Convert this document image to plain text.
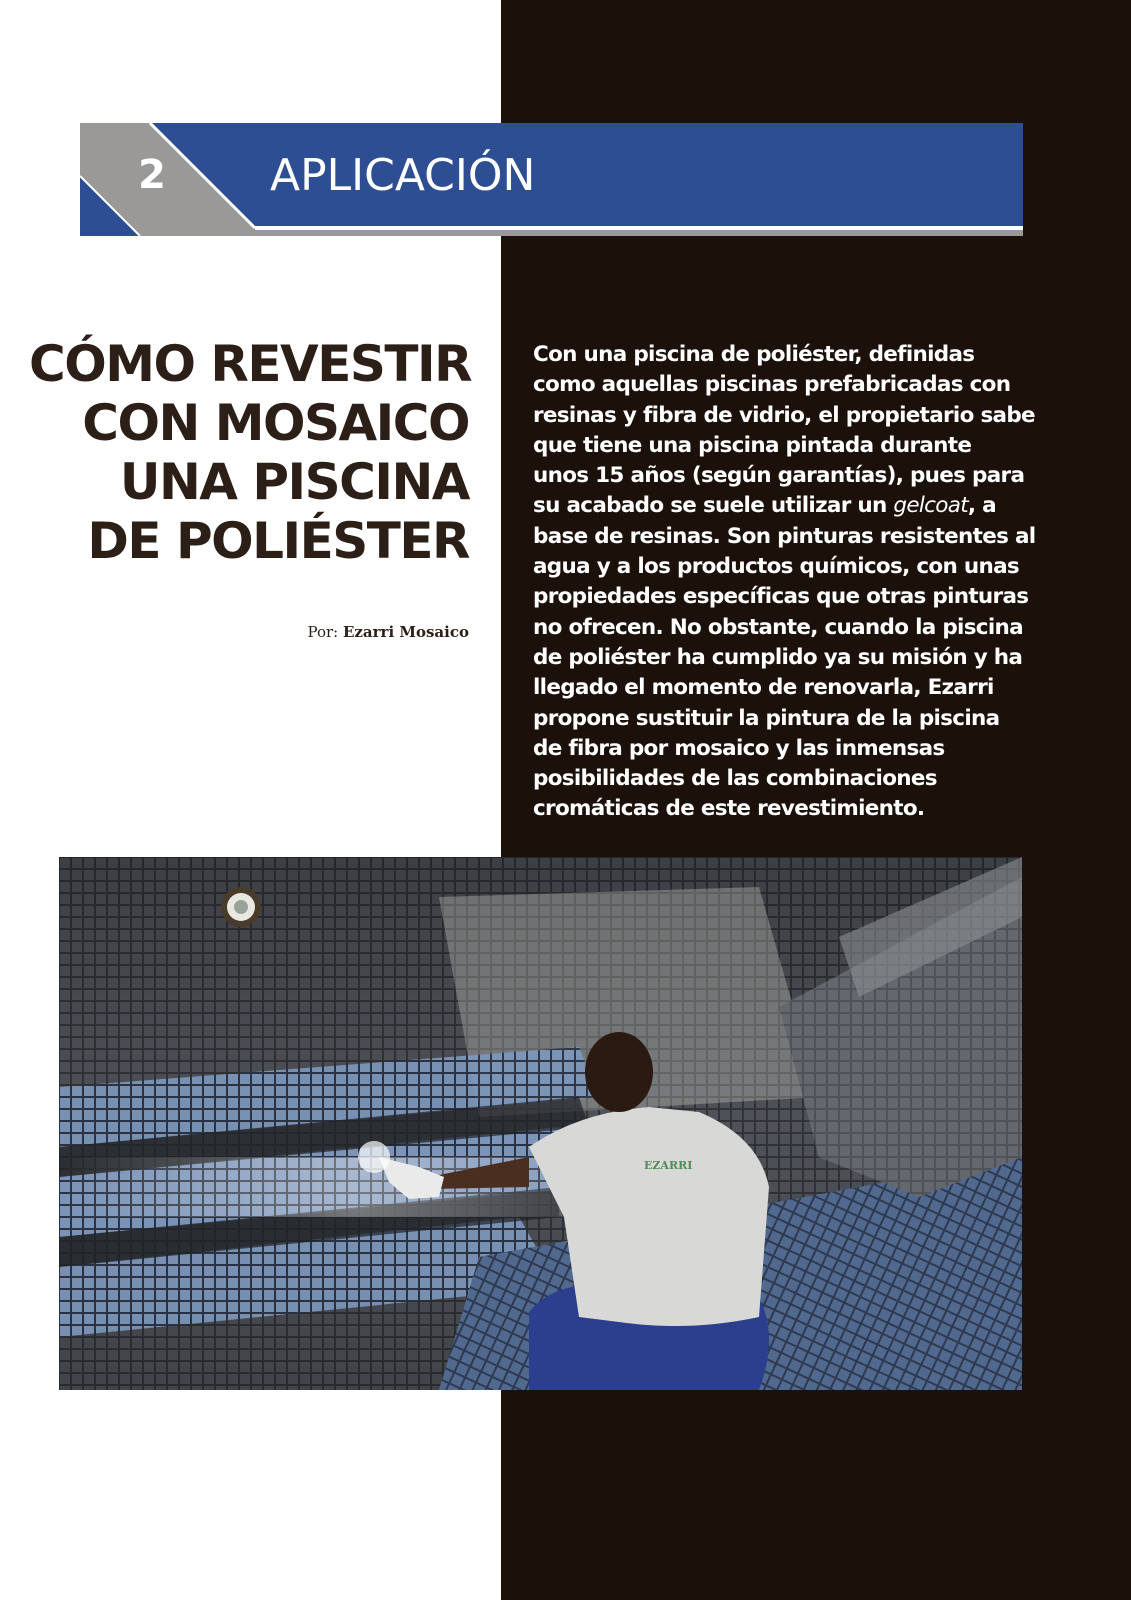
2 APLICACIÓN
CÓMO REVESTIR
CON MOSAICO
UNA PISCINA
DE POLIÉSTER
Por: Ezarri Mosaico
Con una piscina de poliéster, definidas
como aquellas piscinas prefabricadas con
resinas y fibra de vidrio, el propietario sabe
que tiene una piscina pintada durante
unos 15 años (según garantías), pues para
su acabado se suele utilizar un gelcoat, a
base de resinas. Son pinturas resistentes al
agua y a los productos químicos, con unas
propiedades específicas que otras pinturas
no ofrecen. No obstante, cuando la piscina
de poliéster ha cumplido ya su misión y ha
llegado el momento de renovarla, Ezarri
propone sustituir la pintura de la piscina
de fibra por mosaico y las inmensas
posibilidades de las combinaciones
cromáticas de este revestimiento.
EZARRI
